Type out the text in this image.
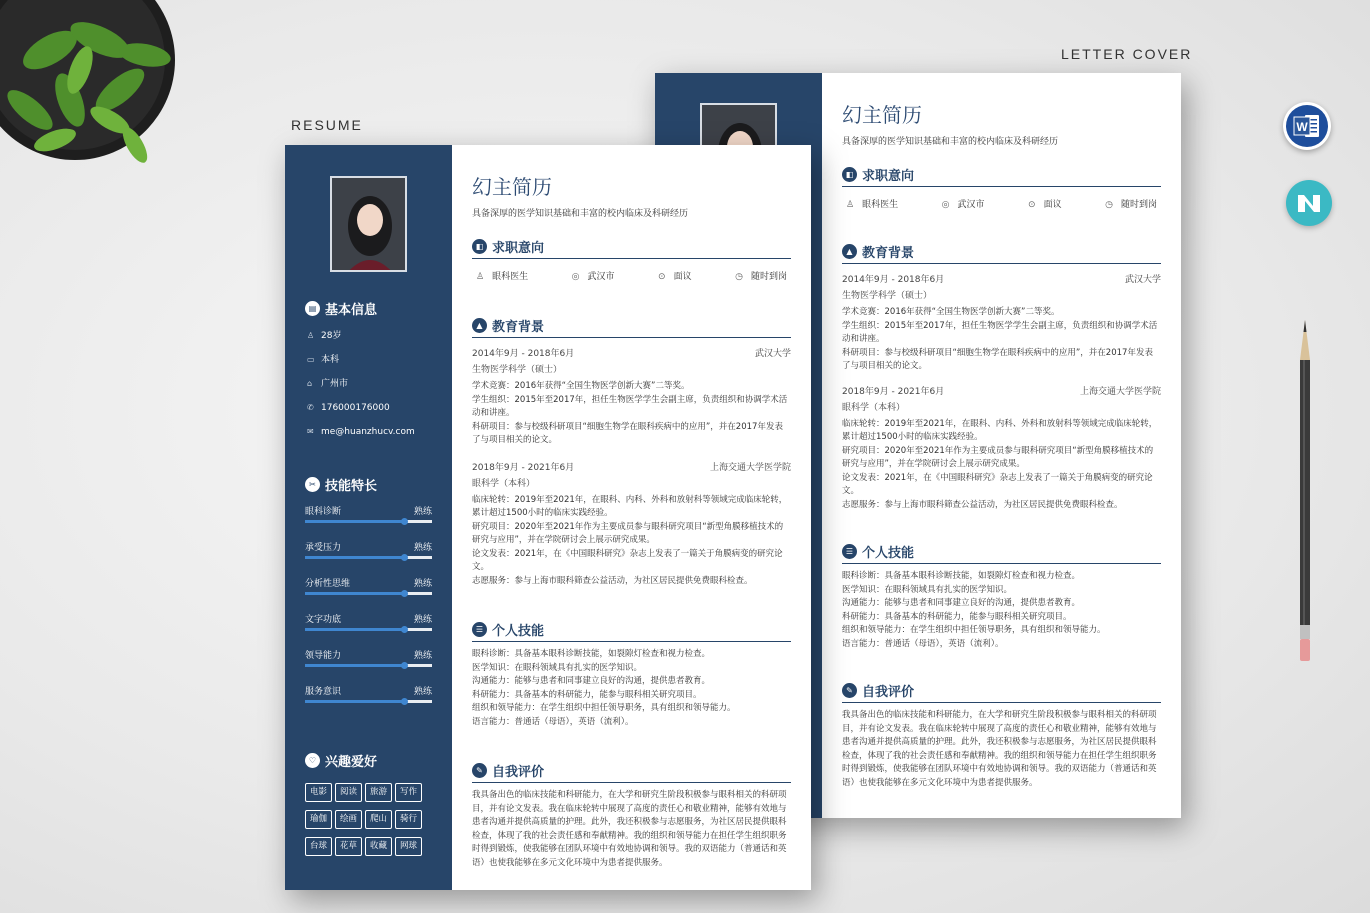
RESUME
LETTER COVER
幻主简历
具备深厚的医学知识基础和丰富的校内临床及科研经历
◧ 求职意向
♙ 眼科医生	◎ 武汉市	⊙ 面议	◷ 随时到岗
▲ 教育背景
2014年9月 - 2018年6月	武汉大学
生物医学科学（硕士）
学术竞赛：2016年获得“全国生物医学创新大赛”二等奖。
学生组织：2015年至2017年，担任生物医学学生会副主席，负责组织和协调学术活动和讲座。
科研项目：参与校级科研项目“细胞生物学在眼科疾病中的应用”，并在2017年发表了与项目相关的论文。
2018年9月 - 2021年6月	上海交通大学医学院
眼科学（本科）
临床轮转：2019年至2021年，在眼科、内科、外科和放射科等领域完成临床轮转，累计超过1500小时的临床实践经验。
研究项目：2020年至2021年作为主要成员参与眼科研究项目“新型角膜移植技术的研究与应用”，并在学院研讨会上展示研究成果。
论文发表：2021年，在《中国眼科研究》杂志上发表了一篇关于角膜病变的研究论文。
志愿服务：参与上海市眼科筛查公益活动，为社区居民提供免费眼科检查。
☰ 个人技能
眼科诊断：具备基本眼科诊断技能，如裂隙灯检查和视力检查。
医学知识：在眼科领域具有扎实的医学知识。
沟通能力：能够与患者和同事建立良好的沟通，提供患者教育。
科研能力：具备基本的科研能力，能参与眼科相关研究项目。
组织和领导能力：在学生组织中担任领导职务，具有组织和领导能力。
语言能力：普通话（母语），英语（流利）。
✎ 自我评价
我具备出色的临床技能和科研能力，在大学和研究生阶段积极参与眼科相关的科研项目，并有论文发表。我在临床轮转中展现了高度的责任心和敬业精神，能够有效地与患者沟通并提供高质量的护理。此外，我还积极参与志愿服务，为社区居民提供眼科检查，体现了我的社会责任感和奉献精神。我的组织和领导能力在担任学生组织职务时得到锻炼，使我能够在团队环境中有效地协调和领导。我的双语能力（普通话和英语）也使我能够在多元文化环境中为患者提供服务。
▤ 基本信息
♙ 28岁
▭ 本科
⌂ 广州市
✆ 176000176000
✉ me@huanzhucv.com
✂ 技能特长
眼科诊断	熟练
承受压力	熟练
分析性思维	熟练
文字功底	熟练
领导能力	熟练
服务意识	熟练
♡ 兴趣爱好
电影	阅读	旅游	写作
瑜伽	绘画	爬山	骑行
台球	花草	收藏	网球
幻主简历
具备深厚的医学知识基础和丰富的校内临床及科研经历
◧ 求职意向
♙ 眼科医生	◎ 武汉市	⊙ 面议	◷ 随时到岗
▲ 教育背景
2014年9月 - 2018年6月	武汉大学
生物医学科学（硕士）
学术竞赛：2016年获得“全国生物医学创新大赛”二等奖。
学生组织：2015年至2017年，担任生物医学学生会副主席，负责组织和协调学术活动和讲座。
科研项目：参与校级科研项目“细胞生物学在眼科疾病中的应用”，并在2017年发表了与项目相关的论文。
2018年9月 - 2021年6月	上海交通大学医学院
眼科学（本科）
临床轮转：2019年至2021年，在眼科、内科、外科和放射科等领域完成临床轮转，累计超过1500小时的临床实践经验。
研究项目：2020年至2021年作为主要成员参与眼科研究项目“新型角膜移植技术的研究与应用”，并在学院研讨会上展示研究成果。
论文发表：2021年，在《中国眼科研究》杂志上发表了一篇关于角膜病变的研究论文。
志愿服务：参与上海市眼科筛查公益活动，为社区居民提供免费眼科检查。
☰ 个人技能
眼科诊断：具备基本眼科诊断技能，如裂隙灯检查和视力检查。
医学知识：在眼科领域具有扎实的医学知识。
沟通能力：能够与患者和同事建立良好的沟通，提供患者教育。
科研能力：具备基本的科研能力，能参与眼科相关研究项目。
组织和领导能力：在学生组织中担任领导职务，具有组织和领导能力。
语言能力：普通话（母语），英语（流利）。
✎ 自我评价
我具备出色的临床技能和科研能力，在大学和研究生阶段积极参与眼科相关的科研项目，并有论文发表。我在临床轮转中展现了高度的责任心和敬业精神，能够有效地与患者沟通并提供高质量的护理。此外，我还积极参与志愿服务，为社区居民提供眼科检查，体现了我的社会责任感和奉献精神。我的组织和领导能力在担任学生组织职务时得到锻炼，使我能够在团队环境中有效地协调和领导。我的双语能力（普通话和英语）也使我能够在多元文化环境中为患者提供服务。
W
